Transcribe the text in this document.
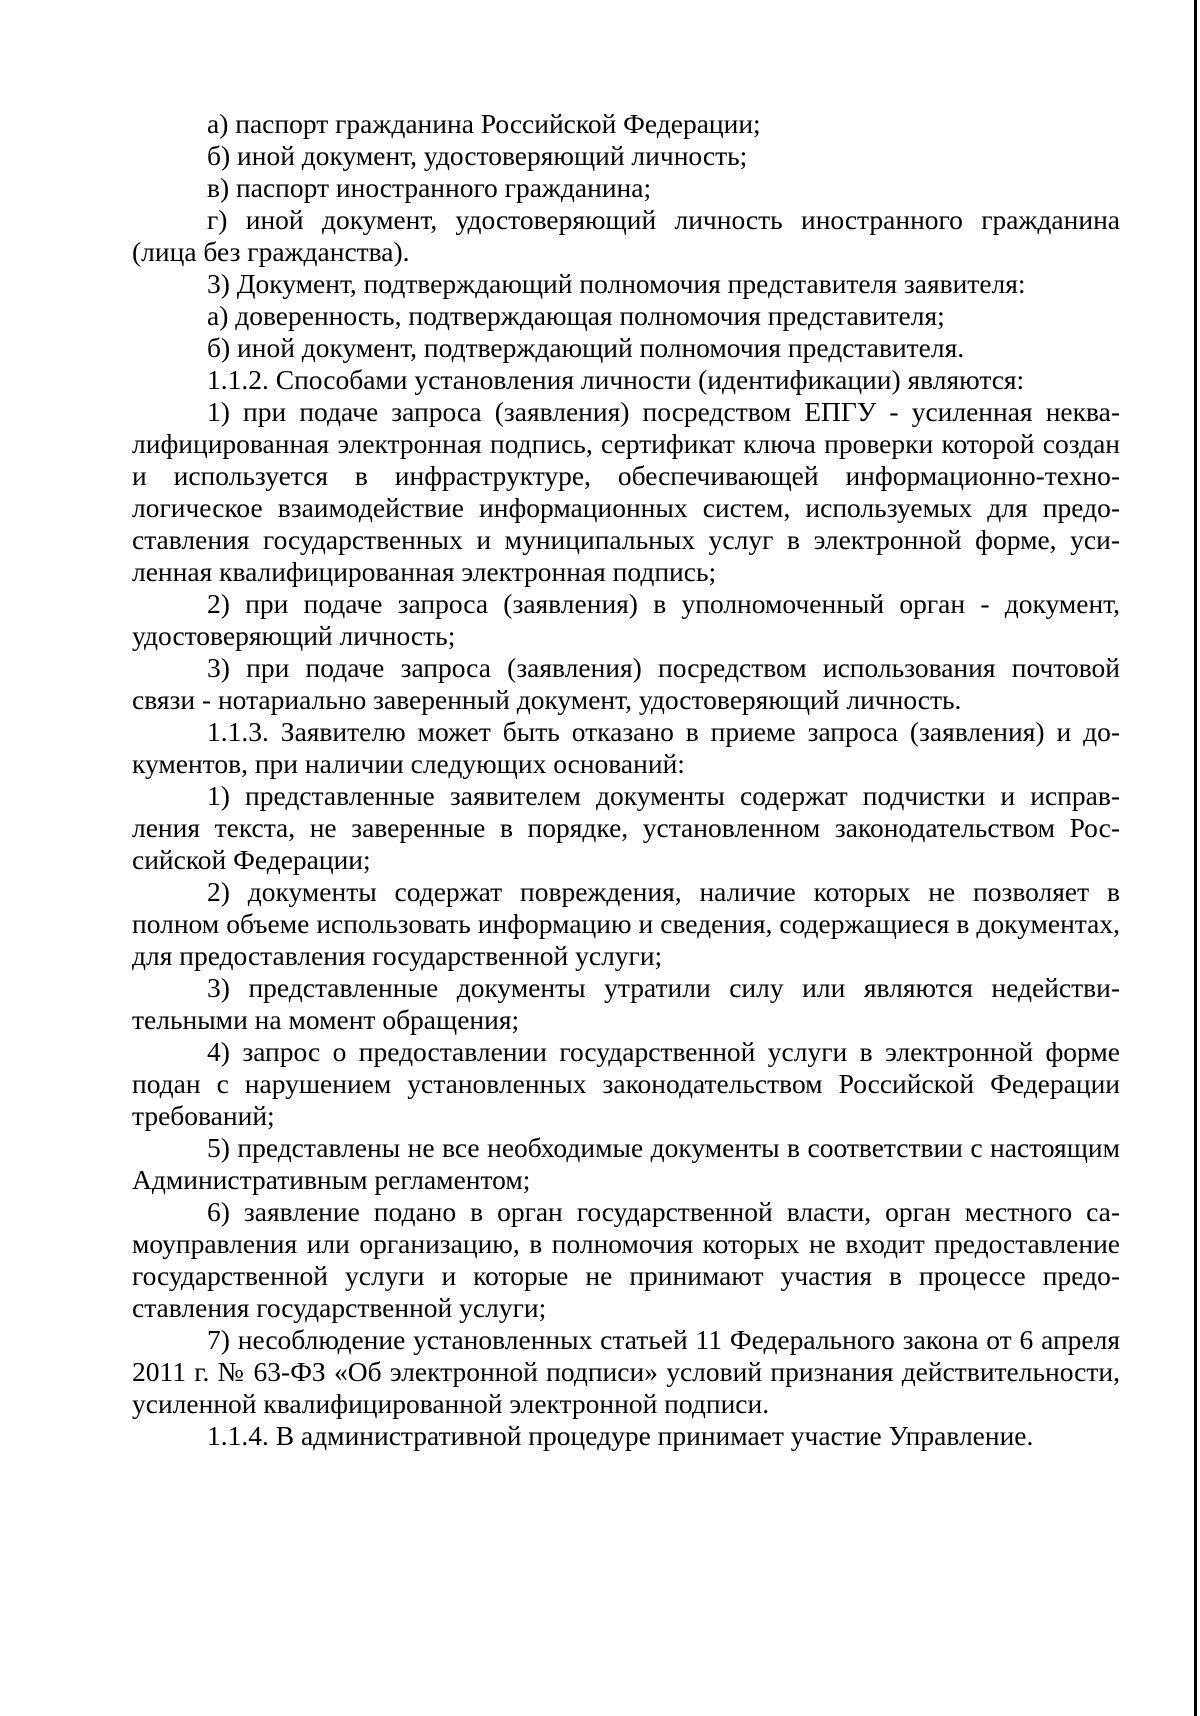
а) паспорт гражданина Российской Федерации;

б) иной документ, удостоверяющий личность;

в) паспорт иностранного гражданина;

г) иной документ, удостоверяющий личность иностранного гражданина (лица без гражданства).

3) Документ, подтверждающий полномочия представителя заявителя:

а) доверенность, подтверждающая полномочия представителя;

б) иной документ, подтверждающий полномочия представителя.

1.1.2. Способами установления личности (идентификации) являются:

1) при подаче запроса (заявления) посредством ЕПГУ - усиленная неквалифицированная электронная подпись, сертификат ключа проверки которой создан и используется в инфраструктуре, обеспечивающей информационно-технологическое взаимодействие информационных систем, используемых для предоставления государственных и муниципальных услуг в электронной форме, усиленная квалифицированная электронная подпись;

2) при подаче запроса (заявления) в уполномоченный орган - документ, удостоверяющий личность;

3) при подаче запроса (заявления) посредством использования почтовой связи - нотариально заверенный документ, удостоверяющий личность.

1.1.3. Заявителю может быть отказано в приеме запроса (заявления) и документов, при наличии следующих оснований:

1) представленные заявителем документы содержат подчистки и исправления текста, не заверенные в порядке, установленном законодательством Российской Федерации;

2) документы содержат повреждения, наличие которых не позволяет в полном объеме использовать информацию и сведения, содержащиеся в документах, для предоставления государственной услуги;

3) представленные документы утратили силу или являются недействительными на момент обращения;

4) запрос о предоставлении государственной услуги в электронной форме подан с нарушением установленных законодательством Российской Федерации требований;

5) представлены не все необходимые документы в соответствии с настоящим Административным регламентом;

6) заявление подано в орган государственной власти, орган местного самоуправления или организацию, в полномочия которых не входит предоставление государственной услуги и которые не принимают участия в процессе предоставления государственной услуги;

7) несоблюдение установленных статьей 11 Федерального закона от 6 апреля 2011 г. № 63-ФЗ «Об электронной подписи» условий признания действительности, усиленной квалифицированной электронной подписи.

1.1.4. В административной процедуре принимает участие Управление.
